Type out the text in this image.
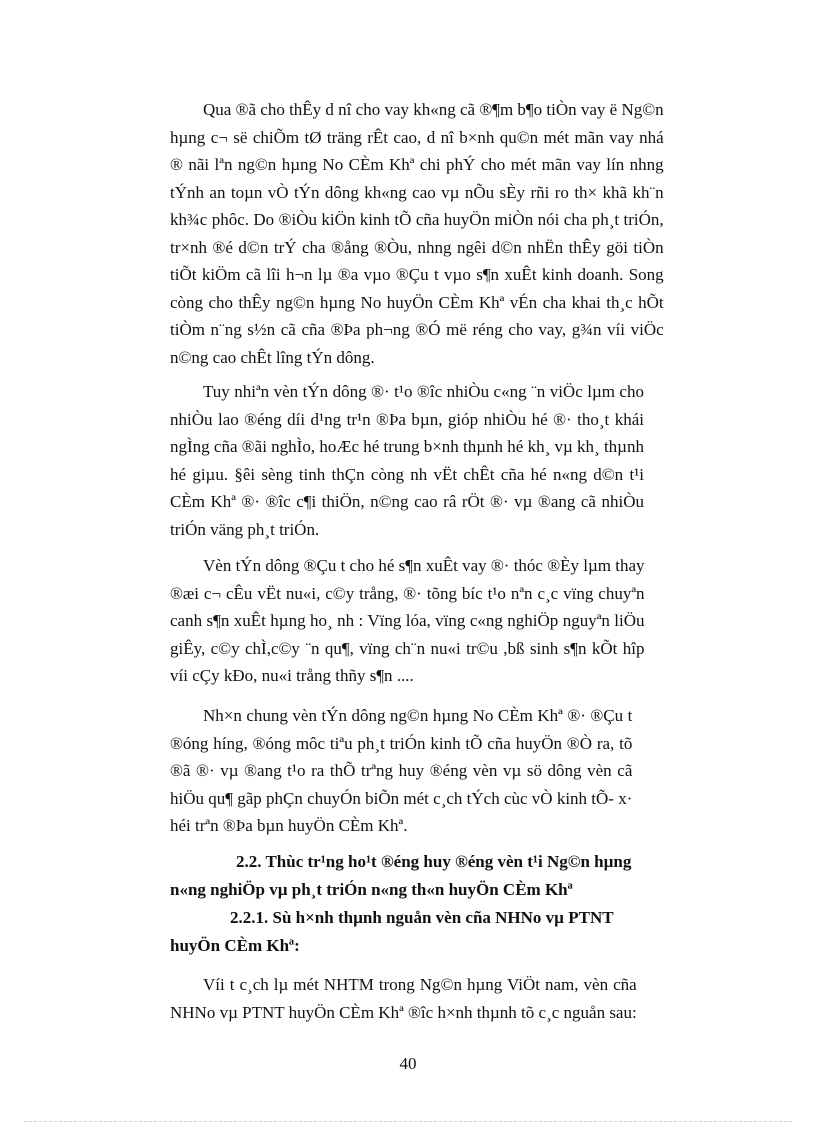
Qua ®ã cho thÊy d nî cho vay kh«ng cã ®¶m b¶o tiÒn vay ë Ng©n
hµng c¬ së chiÕm tØ träng rÊt cao, d nî b×nh qu©n mét mãn vay nhá
® nãi lªn ng©n hµng No CÈm Khª chi phÝ cho mét mãn vay lín nhng
tÝnh an toµn vÒ tÝn dông kh«ng cao vµ nÕu sÈy rñi ro th× khã kh¨n
kh¾c phôc. Do ®iÒu kiÖn kinh tÕ cña huyÖn miÒn nói cha ph¸t triÓn,
tr×nh ®é d©n trÝ cha ®ång ®Òu, nhng ngêi d©n nhËn thÊy göi tiÒn
tiÕt kiÖm cã lîi h¬n lµ ®a vµo ®Çu t vµo s¶n xuÊt kinh doanh. Song
còng cho thÊy ng©n hµng No huyÖn CÈm Khª vÉn cha khai th¸c hÕt
tiÒm n¨ng s½n cã cña ®Þa ph¬ng ®Ó më réng cho vay, g¾n víi viÖc
n©ng cao chÊt lîng tÝn dông.
Tuy nhiªn vèn tÝn dông ®· t¹o ®îc nhiÒu c«ng ¨n viÖc lµm cho
nhiÒu lao ®éng díi d¹ng tr¹n ®Þa bµn, gióp nhiÒu hé ®· tho¸t khái
ngÌng cña ®ãi nghÌo, hoÆc hé trung b×nh thµnh hé kh¸ vµ kh¸ thµnh
hé giµu. §êi sèng tinh thÇn còng nh vËt chÊt cña hé n«ng d©n t¹i
CÈm Khª ®· ®îc c¶i thiÖn, n©ng cao râ rÖt ®· vµ ®ang cã nhiÒu
triÓn väng ph¸t triÓn.
Vèn tÝn dông ®Çu t cho hé s¶n xuÊt vay ®· thóc ®Èy lµm thay
®æi c¬ cÊu vËt nu«i, c©y trång, ®· tõng bíc t¹o nªn c¸c vïng chuyªn
canh s¶n xuÊt hµng ho¸ nh : Vïng lóa, vïng c«ng nghiÖp nguyªn liÖu
giÊy, c©y chÌ,c©y ¨n qu¶, vïng ch¨n nu«i tr©u ,bß sinh s¶n kÕt hîp
víi cÇy kÐo, nu«i trång thñy s¶n ....
Nh×n chung vèn tÝn dông ng©n hµng No CÈm Khª ®· ®Çu t
®óng híng, ®óng môc tiªu ph¸t triÓn kinh tÕ cña huyÖn ®Ò ra, tõ
®ã ®· vµ ®ang t¹o ra thÕ trªng huy ®éng vèn vµ sö dông vèn cã
hiÖu qu¶ gãp phÇn chuyÓn biÕn mét c¸ch tÝch cùc vÒ kinh tÕ- x·
héi trªn ®Þa bµn huyÖn CÈm Khª.
2.2. Thùc tr¹ng ho¹t ®éng huy ®éng vèn t¹i Ng©n hµng
n«ng nghiÖp vµ ph¸t triÓn n«ng th«n huyÖn CÈm Khª
2.2.1. Sù h×nh thµnh nguån vèn cña NHNo vµ PTNT
huyÖn CÈm Khª:
Víi t c¸ch lµ mét NHTM trong Ng©n hµng ViÖt nam, vèn cña
NHNo vµ PTNT huyÖn CÈm Khª ®îc h×nh thµnh tõ c¸c nguån sau:
40
